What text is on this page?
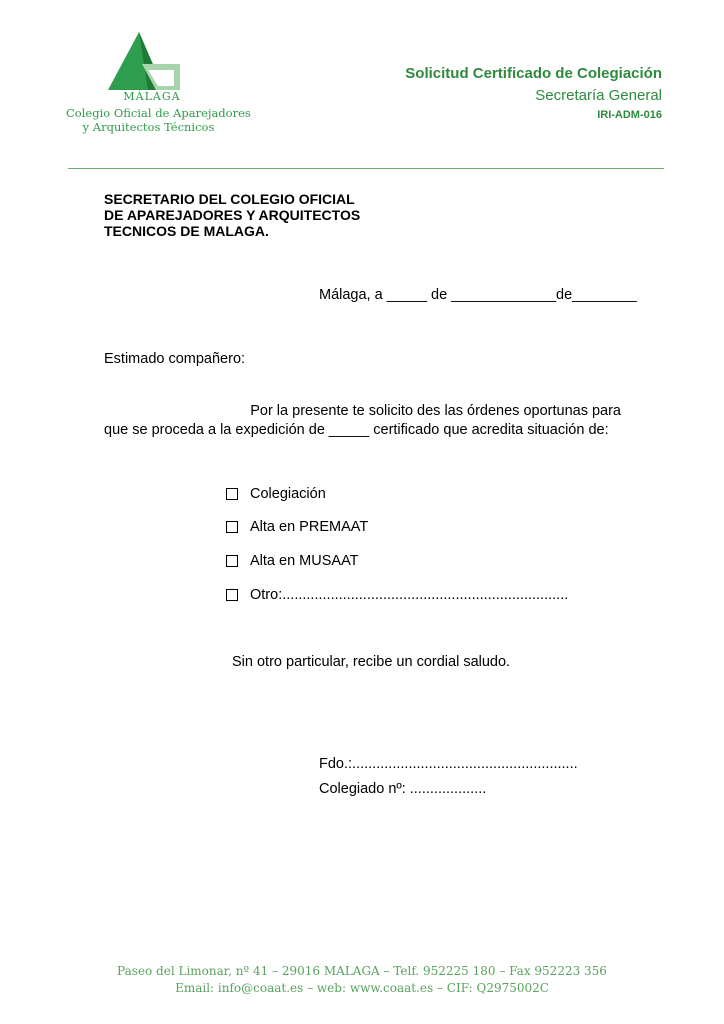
MÁLAGA
Colegio Oficial de Aparejadores
y Arquitectos Técnicos
Solicitud Certificado de Colegiación
Secretaría General
IRI-ADM-016
SECRETARIO DEL COLEGIO OFICIAL
DE APAREJADORES Y ARQUITECTOS
TECNICOS DE MALAGA.
Málaga, a _____ de _____________de________
Estimado compañero:
Por la presente te solicito des las órdenes oportunas para
que se proceda a la expedición de _____ certificado que acredita situación de:
Colegiación
Alta en PREMAAT
Alta en MUSAAT
Otro:.......................................................................
Sin otro particular, recibe un cordial saludo.
Fdo.:........................................................
Colegiado nº: ...................
Paseo del Limonar, nº 41 – 29016 MALAGA – Telf. 952225 180 – Fax 952223 356
Email: info@coaat.es – web: www.coaat.es – CIF: Q2975002C
